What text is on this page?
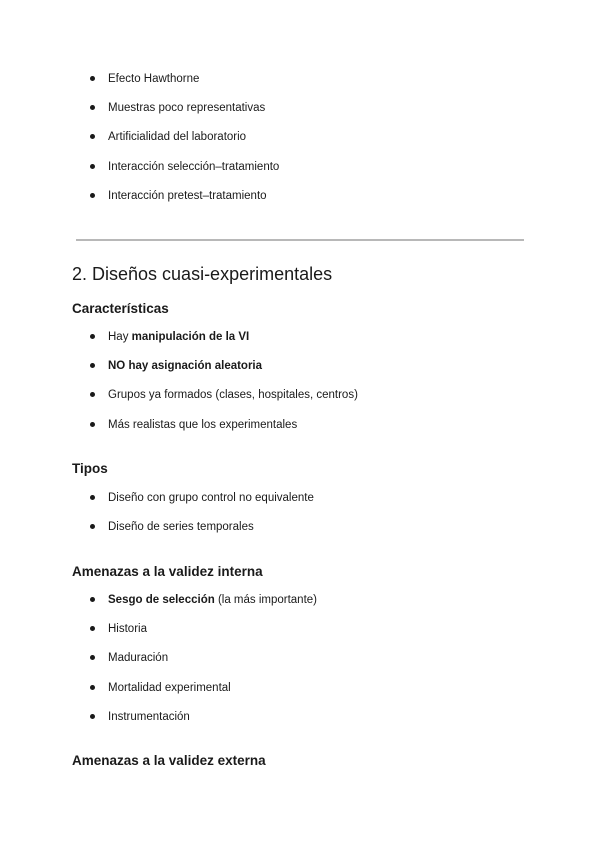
Efecto Hawthorne
Muestras poco representativas
Artificialidad del laboratorio
Interacción selección–tratamiento
Interacción pretest–tratamiento
2. Diseños cuasi-experimentales
Características
Hay manipulación de la VI
NO hay asignación aleatoria
Grupos ya formados (clases, hospitales, centros)
Más realistas que los experimentales
Tipos
Diseño con grupo control no equivalente
Diseño de series temporales
Amenazas a la validez interna
Sesgo de selección (la más importante)
Historia
Maduración
Mortalidad experimental
Instrumentación
Amenazas a la validez externa
